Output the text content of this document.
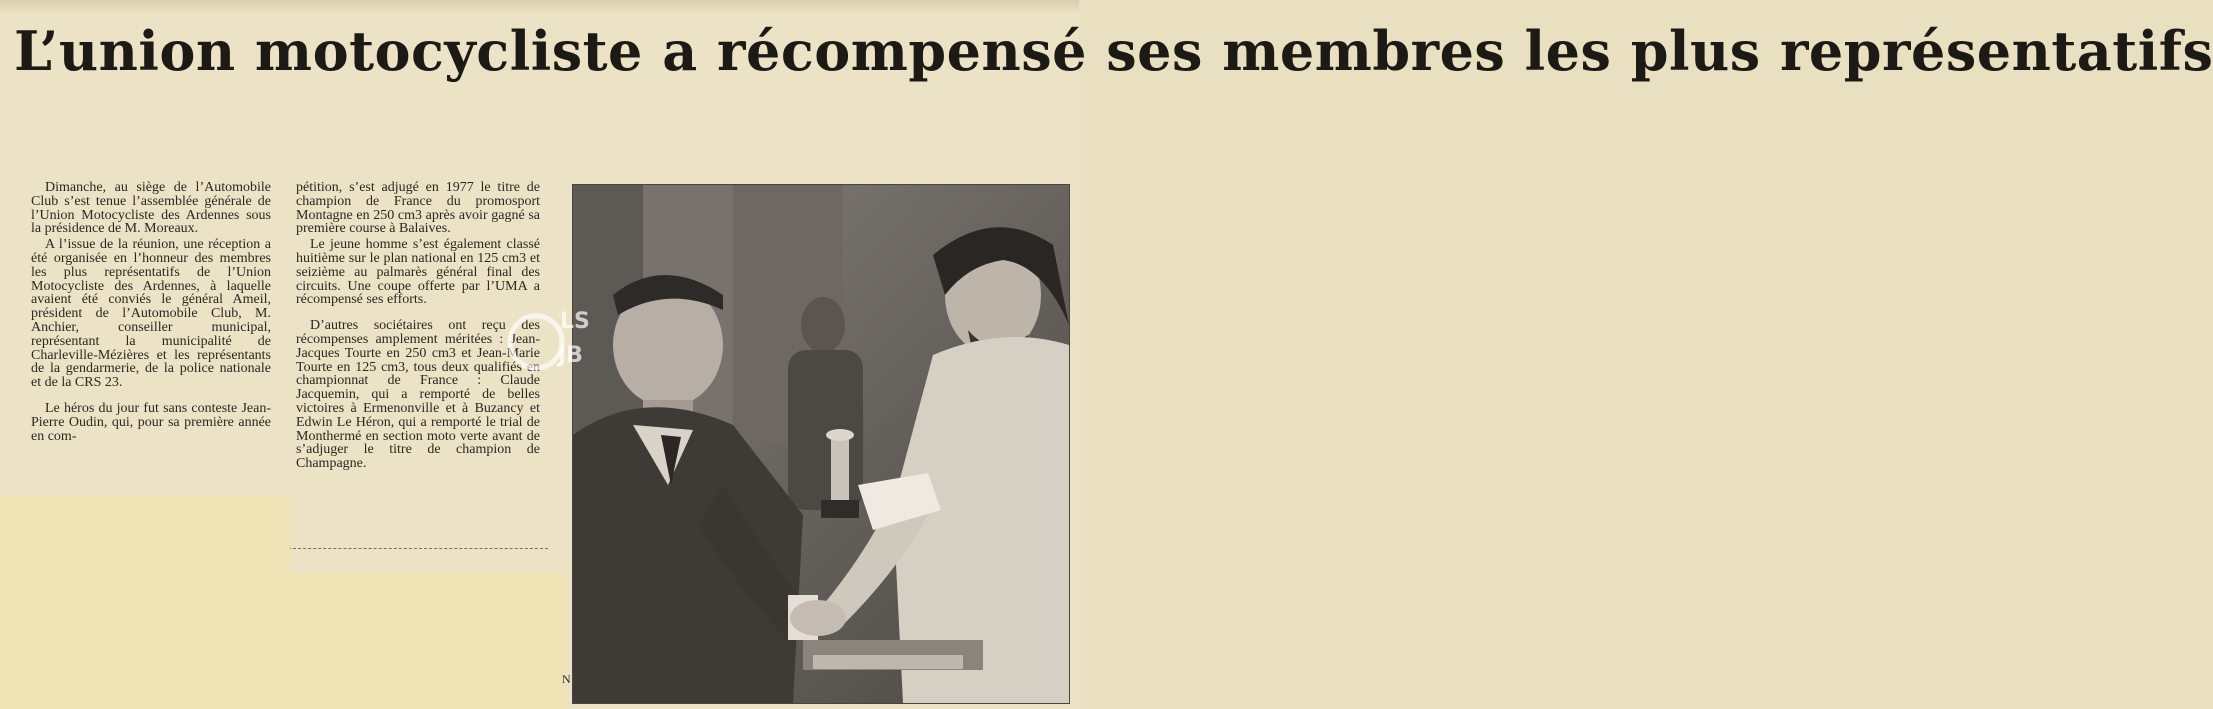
L’union motocycliste a récompensé ses membres les plus représentatifs

Dimanche, au siège de l’Automobile Club s’est tenue l’assemblée générale de l’Union Motocycliste des Ardennes sous la présidence de M. Moreaux.

A l’issue de la réunion, une réception a été organisée en l’honneur des membres les plus représentatifs de l’Union Motocycliste des Ardennes, à laquelle avaient été conviés le général Ameil, président de l’Automobile Club, M. Anchier, conseiller municipal, représentant la municipalité de Charleville-Mézières et les représentants de la gendarmerie, de la police nationale et de la CRS 23.

Le héros du jour fut sans conteste Jean-Pierre Oudin, qui, pour sa première année en com-

pétition, s’est adjugé en 1977 le titre de champion de France du promosport Montagne en 250 cm3 après avoir gagné sa première course à Balaives.

Le jeune homme s’est également classé huitième sur le plan national en 125 cm3 et seizième au palmarès général final des circuits. Une coupe offerte par l’UMA a récompensé ses efforts.

D’autres sociétaires ont reçu des récompenses amplement méritées : Jean-Jacques Tourte en 250 cm3 et Jean-Marie Tourte en 125 cm3, tous deux qualifiés en championnat de France : Claude Jacquemin, qui a remporté de belles victoires à Ermenonville et à Buzancy et Edwin Le Héron, qui a remporté le trial de Monthermé en section moto verte avant de s’adjuger le titre de champion de Champagne.

LS
JB
N
